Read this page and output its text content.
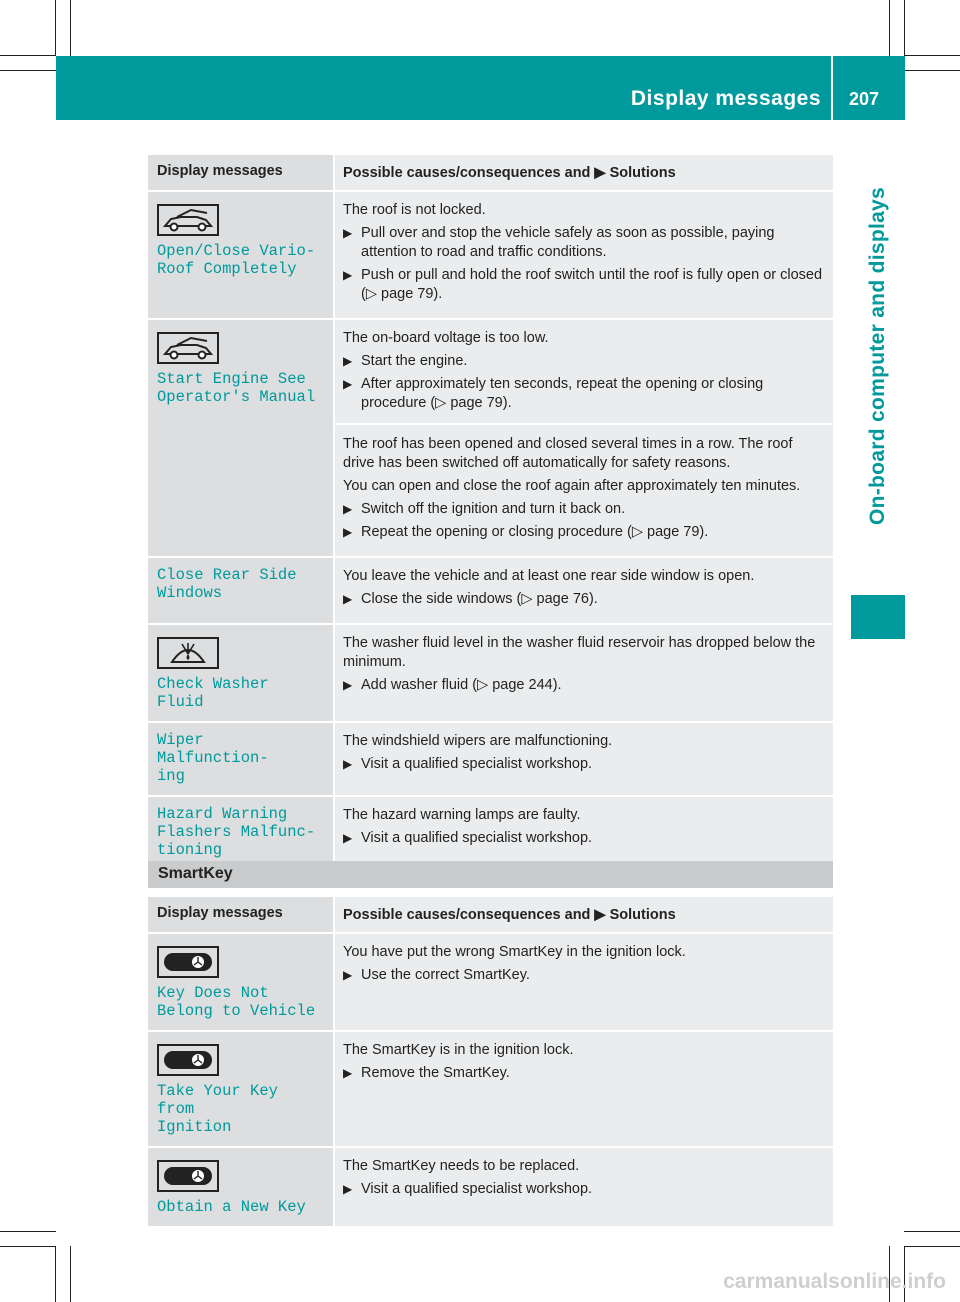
Display messages 207
On-board computer and displays
Display messages	Possible causes/consequences and ▶ Solutions
Open/Close Vario-
Roof Completely
The roof is not locked.
▶ Pull over and stop the vehicle safely as soon as possible, paying attention to road and traffic conditions.
▶ Push or pull and hold the roof switch until the roof is fully open or closed (▷ page 79).
Start Engine See
Operator's Manual
The on-board voltage is too low.
▶ Start the engine.
▶ After approximately ten seconds, repeat the opening or closing procedure (▷ page 79).
The roof has been opened and closed several times in a row. The roof drive has been switched off automatically for safety reasons.
You can open and close the roof again after approximately ten minutes.
▶ Switch off the ignition and turn it back on.
▶ Repeat the opening or closing procedure (▷ page 79).
Close Rear Side
Windows
You leave the vehicle and at least one rear side window is open.
▶ Close the side windows (▷ page 76).
Check Washer Fluid
The washer fluid level in the washer fluid reservoir has dropped below the minimum.
▶ Add washer fluid (▷ page 244).
Wiper Malfunction‐
ing
The windshield wipers are malfunctioning.
▶ Visit a qualified specialist workshop.
Hazard Warning
Flashers Malfunc‐
tioning
The hazard warning lamps are faulty.
▶ Visit a qualified specialist workshop.
SmartKey
Display messages	Possible causes/consequences and ▶ Solutions
Key Does Not
Belong to Vehicle
You have put the wrong SmartKey in the ignition lock.
▶ Use the correct SmartKey.
Take Your Key from
Ignition
The SmartKey is in the ignition lock.
▶ Remove the SmartKey.
Obtain a New Key
The SmartKey needs to be replaced.
▶ Visit a qualified specialist workshop.
carmanualsonline.info
